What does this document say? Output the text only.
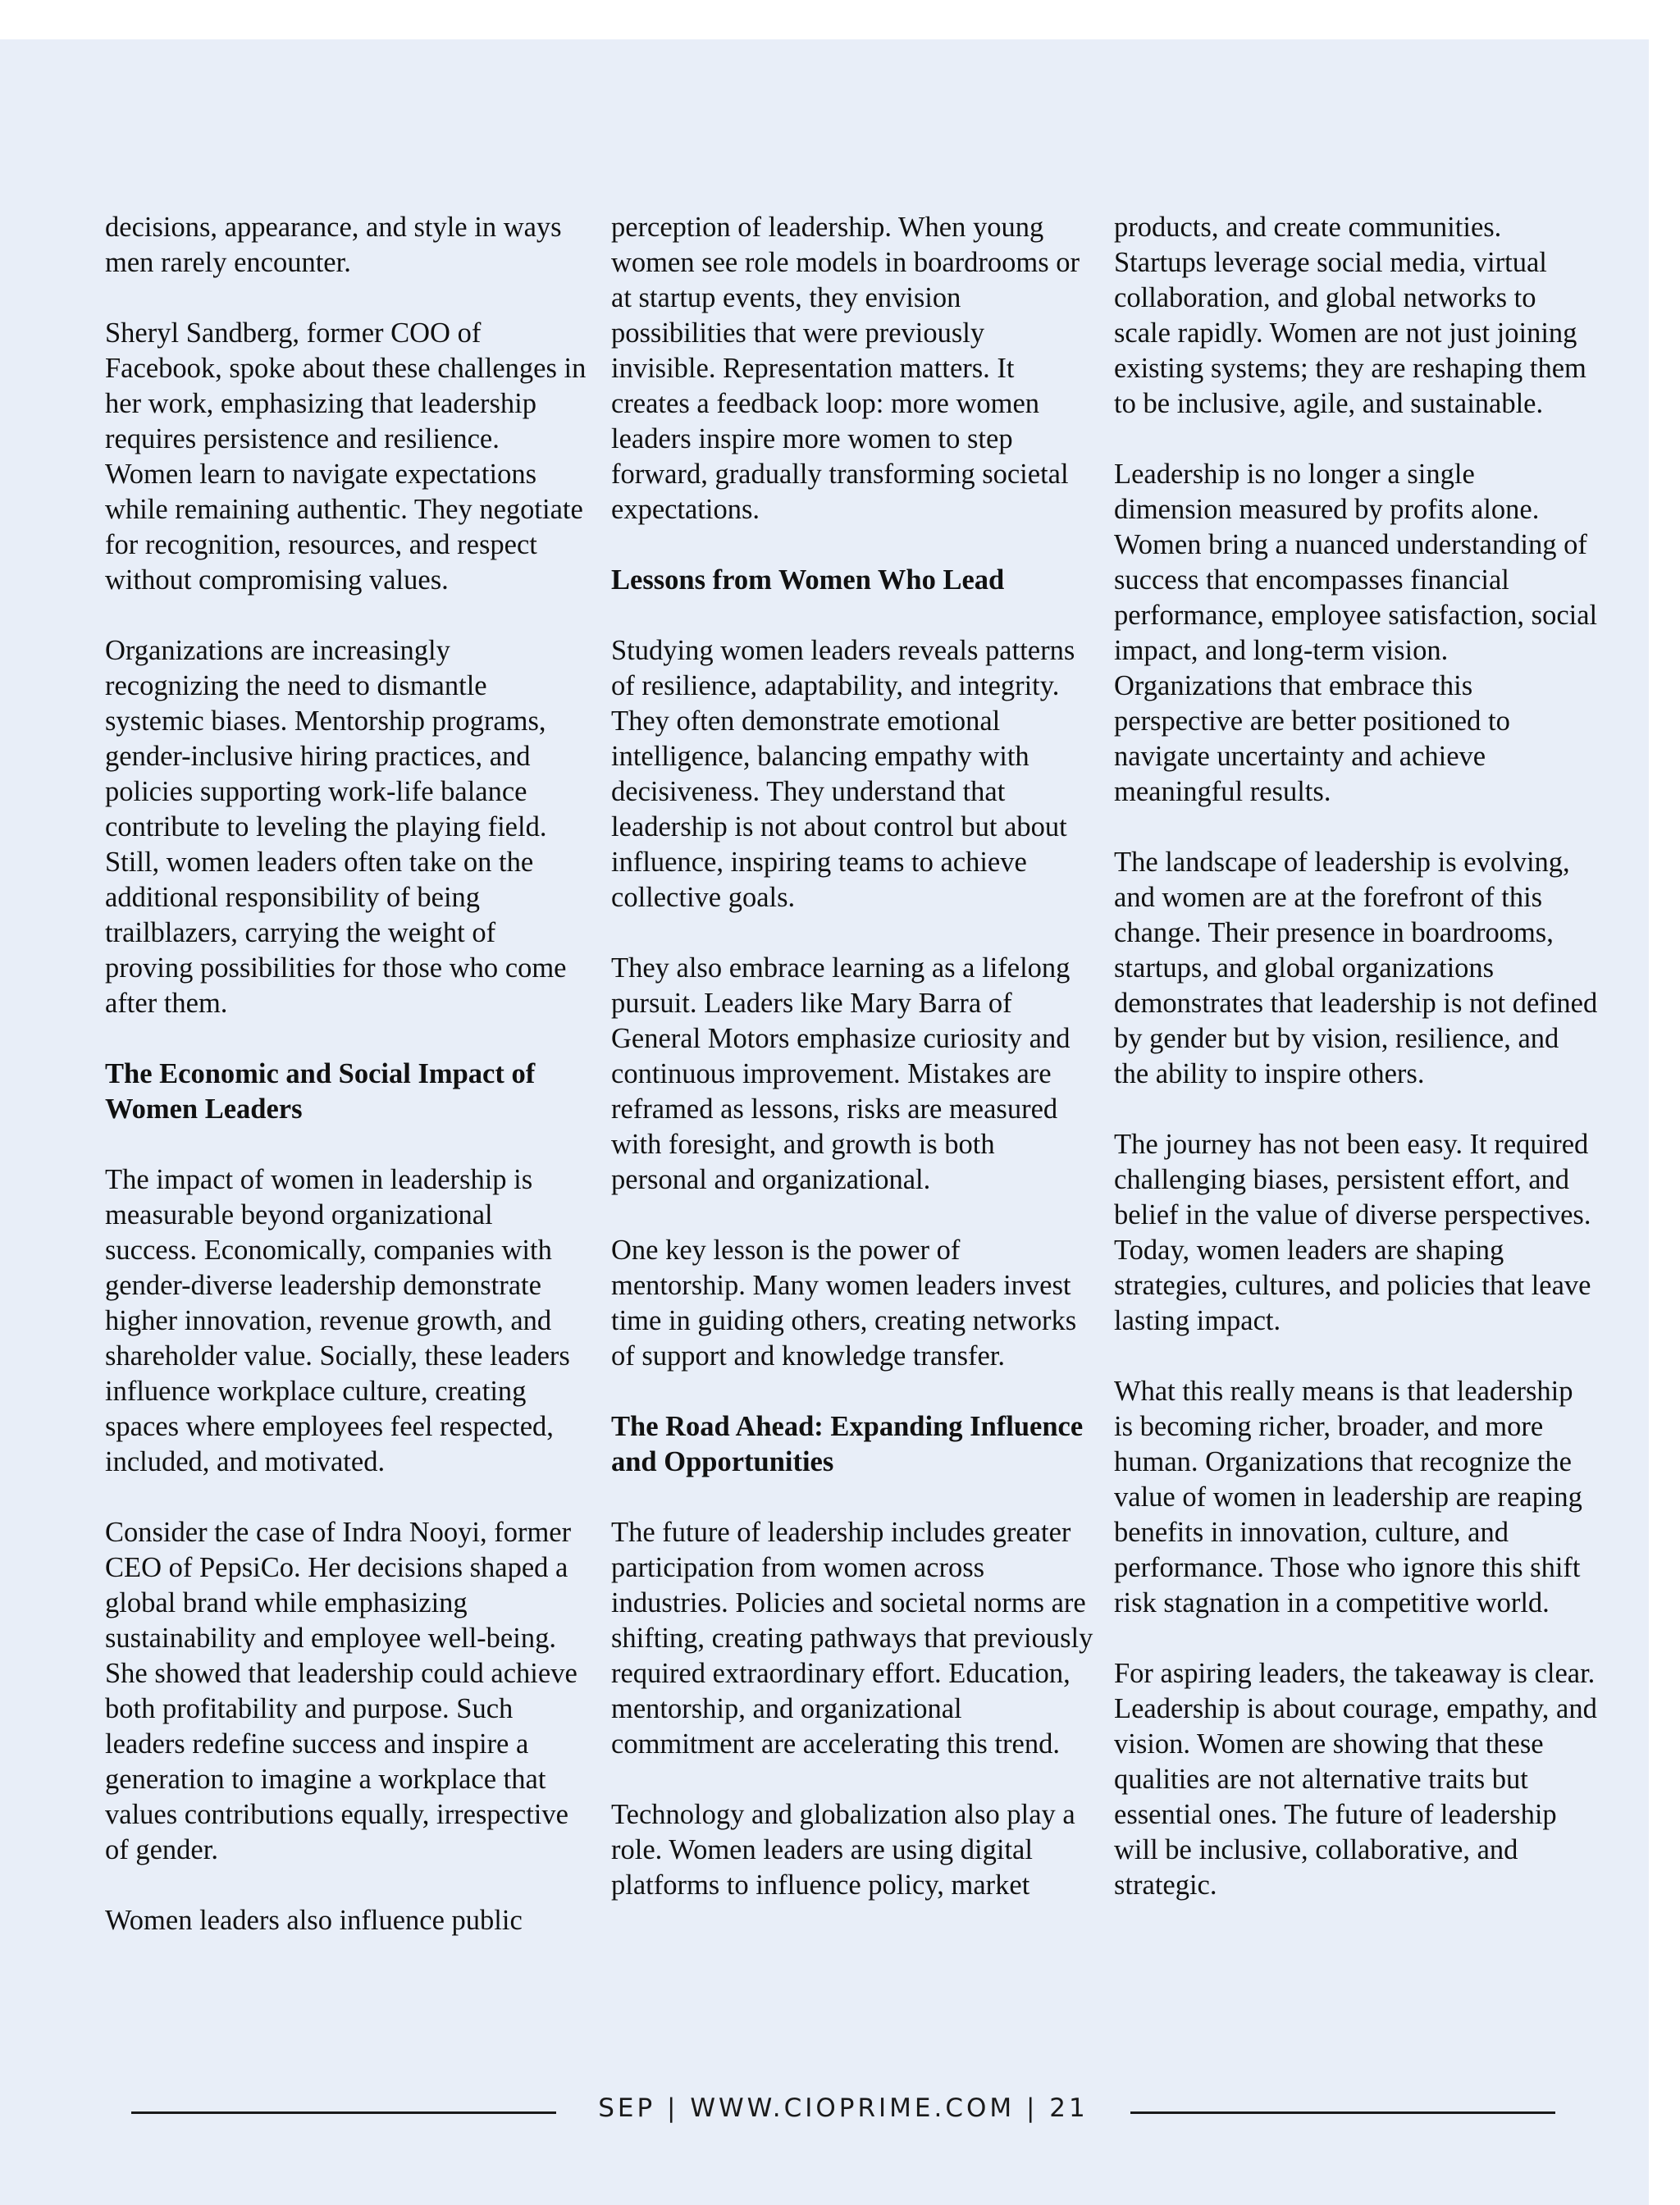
decisions, appearance, and style in ways men rarely encounter.

Sheryl Sandberg, former COO of Facebook, spoke about these challenges in her work, emphasizing that leadership requires persistence and resilience. Women learn to navigate expectations while remaining authentic. They negotiate for recognition, resources, and respect without compromising values.

Organizations are increasingly recognizing the need to dismantle systemic biases. Mentorship programs, gender-inclusive hiring practices, and policies supporting work-life balance contribute to leveling the playing field. Still, women leaders often take on the additional responsibility of being trailblazers, carrying the weight of proving possibilities for those who come after them.

The Economic and Social Impact of Women Leaders

The impact of women in leadership is measurable beyond organizational success. Economically, companies with gender-diverse leadership demonstrate higher innovation, revenue growth, and shareholder value. Socially, these leaders influence workplace culture, creating spaces where employees feel respected, included, and motivated.

Consider the case of Indra Nooyi, former CEO of PepsiCo. Her decisions shaped a global brand while emphasizing sustainability and employee well-being. She showed that leadership could achieve both profitability and purpose. Such leaders redefine success and inspire a generation to imagine a workplace that values contributions equally, irrespective of gender.

Women leaders also influence public

perception of leadership. When young women see role models in boardrooms or at startup events, they envision possibilities that were previously invisible. Representation matters. It creates a feedback loop: more women leaders inspire more women to step forward, gradually transforming societal expectations.

Lessons from Women Who Lead

Studying women leaders reveals patterns of resilience, adaptability, and integrity. They often demonstrate emotional intelligence, balancing empathy with decisiveness. They understand that leadership is not about control but about influence, inspiring teams to achieve collective goals.

They also embrace learning as a lifelong pursuit. Leaders like Mary Barra of General Motors emphasize curiosity and continuous improvement. Mistakes are reframed as lessons, risks are measured with foresight, and growth is both personal and organizational.

One key lesson is the power of mentorship. Many women leaders invest time in guiding others, creating networks of support and knowledge transfer.

The Road Ahead: Expanding Influence and Opportunities

The future of leadership includes greater participation from women across industries. Policies and societal norms are shifting, creating pathways that previously required extraordinary effort. Education, mentorship, and organizational commitment are accelerating this trend.

Technology and globalization also play a role. Women leaders are using digital platforms to influence policy, market

products, and create communities. Startups leverage social media, virtual collaboration, and global networks to scale rapidly. Women are not just joining existing systems; they are reshaping them to be inclusive, agile, and sustainable.

Leadership is no longer a single dimension measured by profits alone. Women bring a nuanced understanding of success that encompasses financial performance, employee satisfaction, social impact, and long-term vision. Organizations that embrace this perspective are better positioned to navigate uncertainty and achieve meaningful results.

The landscape of leadership is evolving, and women are at the forefront of this change. Their presence in boardrooms, startups, and global organizations demonstrates that leadership is not defined by gender but by vision, resilience, and the ability to inspire others.

The journey has not been easy. It required challenging biases, persistent effort, and belief in the value of diverse perspectives. Today, women leaders are shaping strategies, cultures, and policies that leave lasting impact.

What this really means is that leadership is becoming richer, broader, and more human. Organizations that recognize the value of women in leadership are reaping benefits in innovation, culture, and performance. Those who ignore this shift risk stagnation in a competitive world.

For aspiring leaders, the takeaway is clear. Leadership is about courage, empathy, and vision. Women are showing that these qualities are not alternative traits but essential ones. The future of leadership will be inclusive, collaborative, and strategic.

SEP | WWW.CIOPRIME.COM | 21
